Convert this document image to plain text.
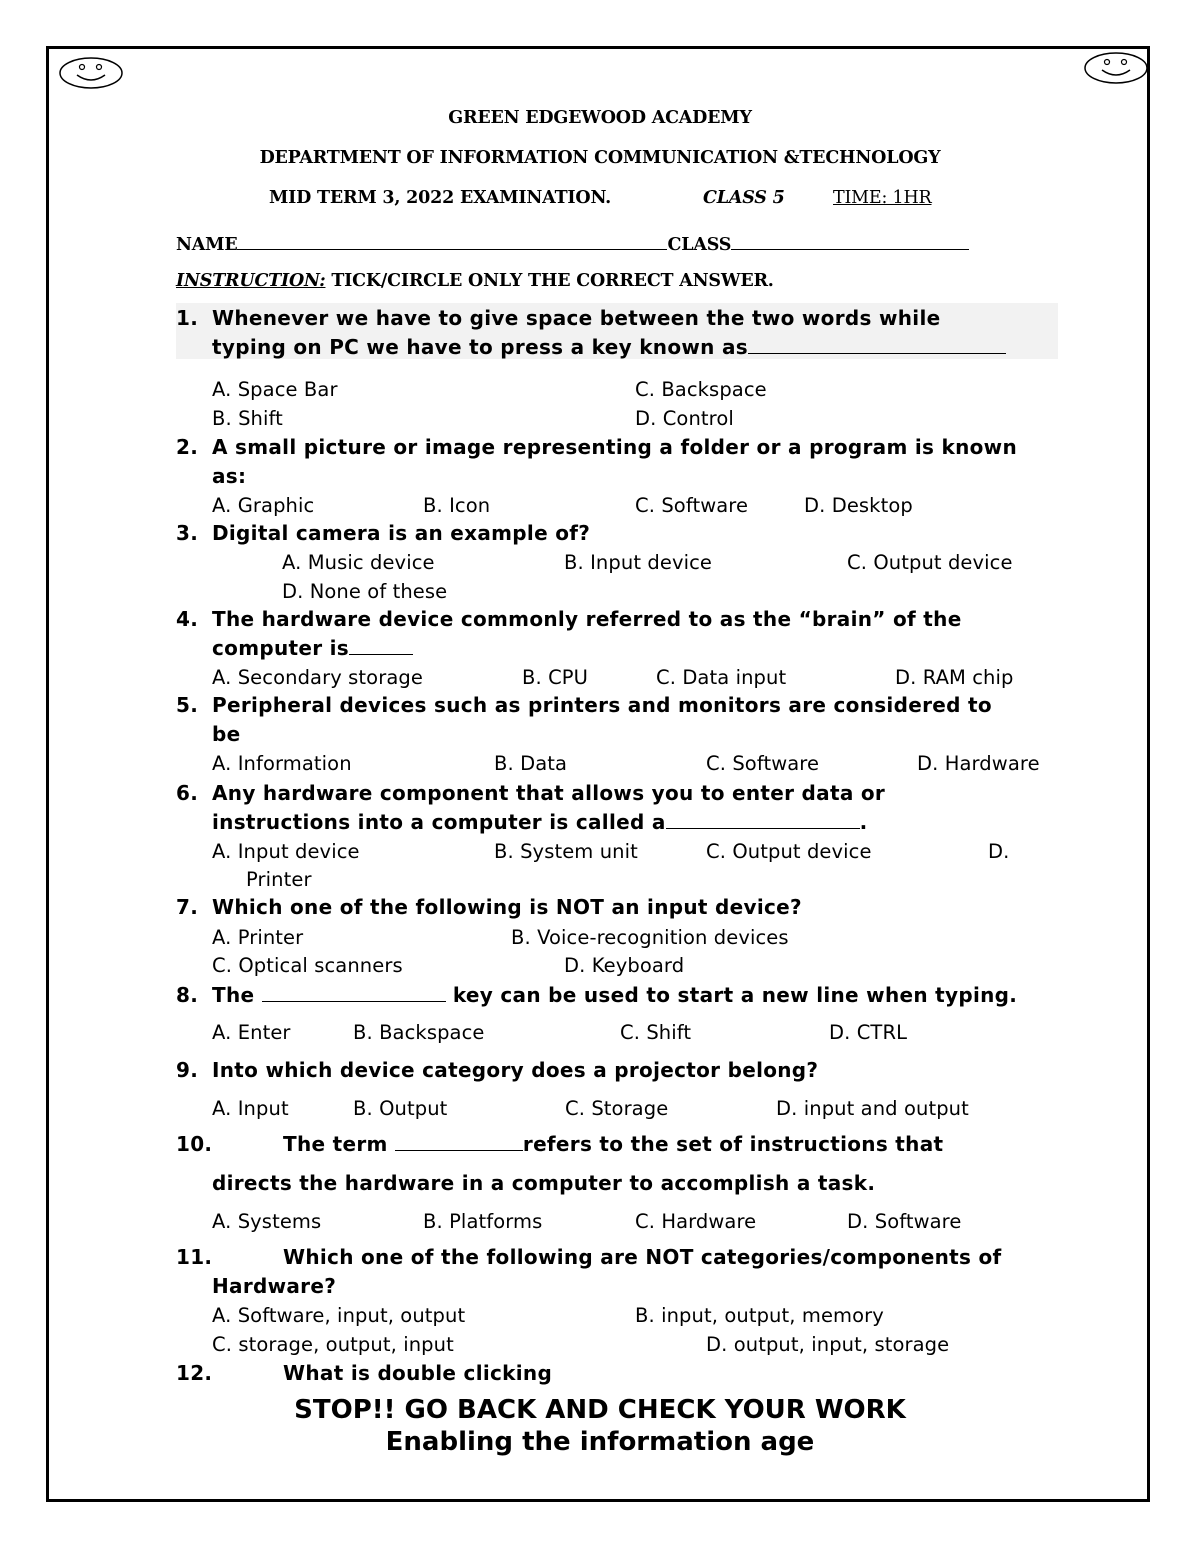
GREEN EDGEWOOD ACADEMY
DEPARTMENT OF INFORMATION COMMUNICATION &TECHNOLOGY
MID TERM 3, 2022 EXAMINATION.	CLASS 5	TIME: 1HR
NAME	CLASS
INSTRUCTION: TICK/CIRCLE ONLY THE CORRECT ANSWER.
1. Whenever we have to give space between the two words while
typing on PC we have to press a key known as
A. Space Bar	C. Backspace
B. Shift	D. Control
2. A small picture or image representing a folder or a program is known
as:
A. Graphic	B. Icon	C. Software	D. Desktop
3. Digital camera is an example of?
A. Music device	B. Input device	C. Output device
D. None of these
4. The hardware device commonly referred to as the “brain” of the
computer is
A. Secondary storage	B. CPU	C. Data input	D. RAM chip
5. Peripheral devices such as printers and monitors are considered to
be
A. Information	B. Data	C. Software	D. Hardware
6. Any hardware component that allows you to enter data or
instructions into a computer is called a	.
A. Input device	B. System unit	C. Output device	D.
Printer
7. Which one of the following is NOT an input device?
A. Printer	B. Voice-recognition devices
C. Optical scanners	D. Keyboard
8. The	key can be used to start a new line when typing.
A. Enter	B. Backspace	C. Shift	D. CTRL
9. Into which device category does a projector belong?
A. Input	B. Output	C. Storage	D. input and output
10.	The term	refers to the set of instructions that
directs the hardware in a computer to accomplish a task.
A. Systems	B. Platforms	C. Hardware	D. Software
11.	Which one of the following are NOT categories/components of
Hardware?
A. Software, input, output	B. input, output, memory
C. storage, output, input	D. output, input, storage
12.	What is double clicking
STOP!! GO BACK AND CHECK YOUR WORK
Enabling the information age
